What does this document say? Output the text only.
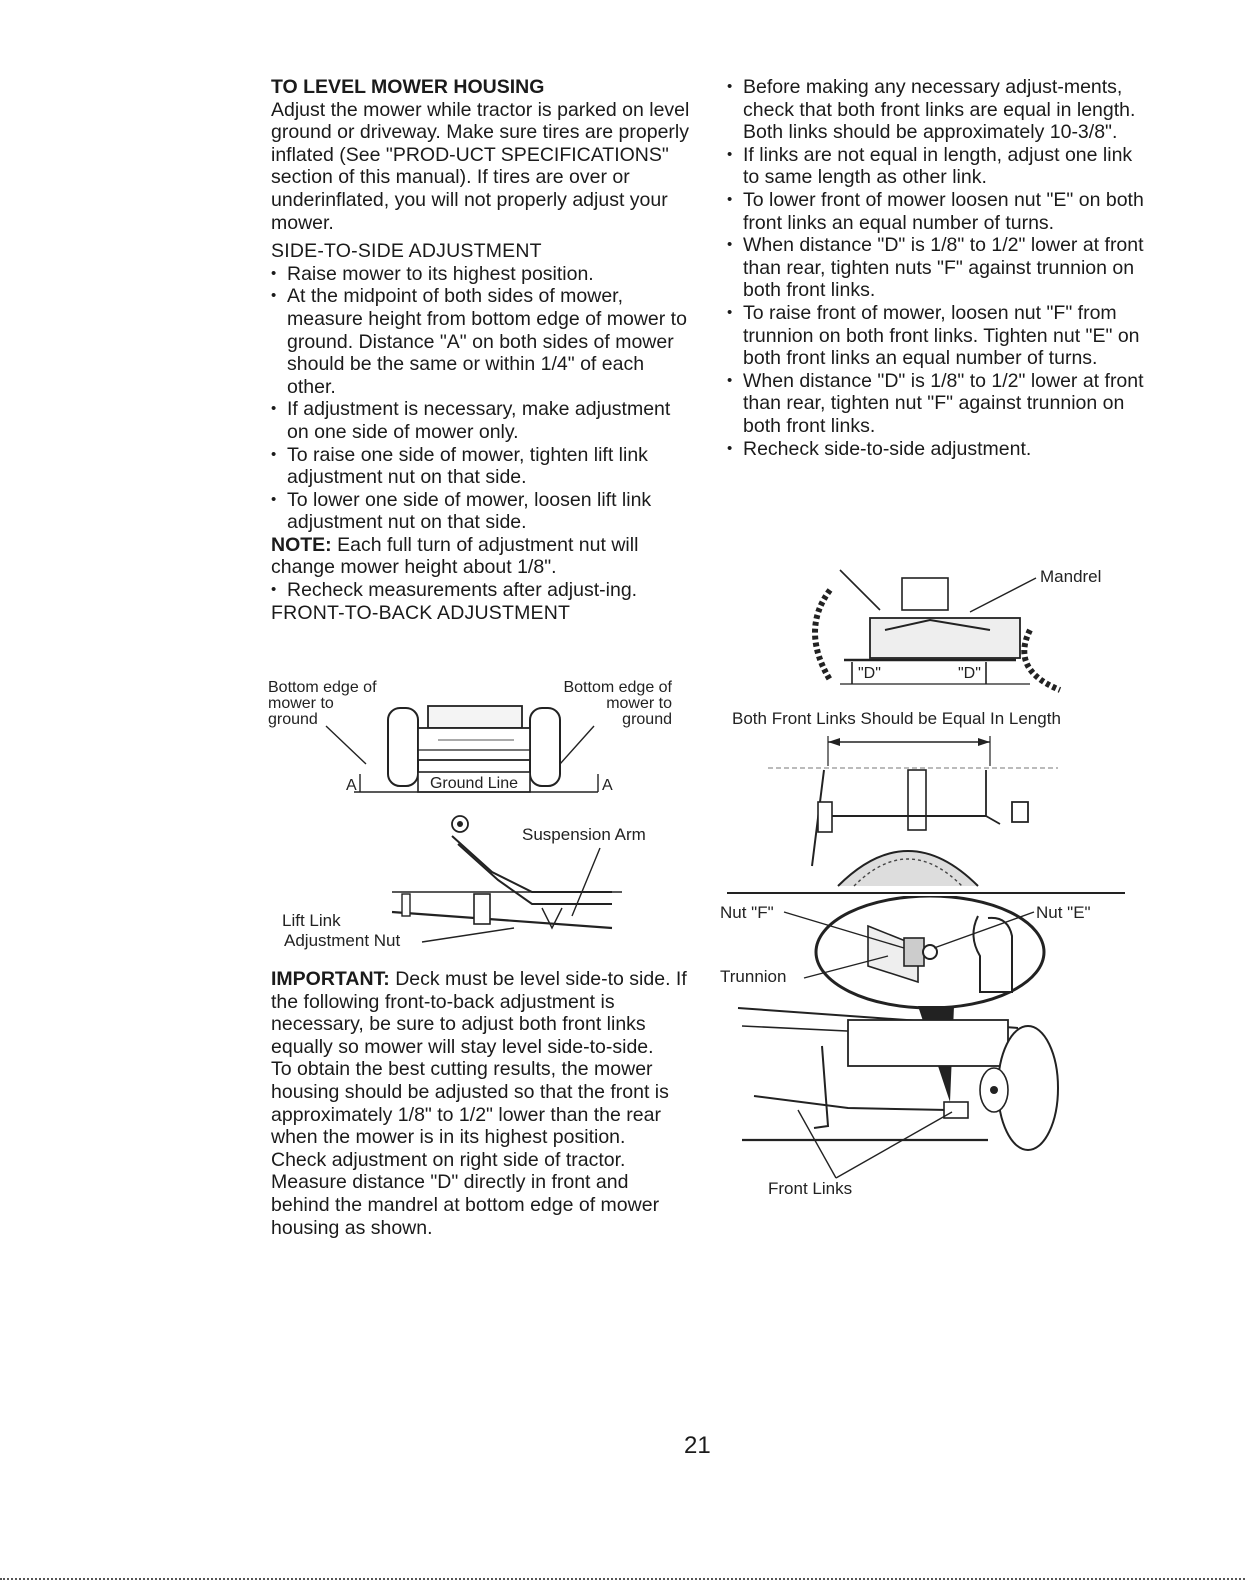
TO LEVEL MOWER HOUSING

Adjust the mower while tractor is parked on level ground or driveway. Make sure tires are properly inflated (See "PROD-UCT SPECIFICATIONS" section of this manual). If tires are over or underinflated, you will not properly adjust your mower.

SIDE-TO-SIDE ADJUSTMENT
• Raise mower to its highest position.
• At the midpoint of both sides of mower, measure height from bottom edge of mower to ground. Distance "A" on both sides of mower should be the same or within 1/4" of each other.
• If adjustment is necessary, make adjustment on one side of mower only.
• To raise one side of mower, tighten lift link adjustment nut on that side.
• To lower one side of mower, loosen lift link adjustment nut on that side.

NOTE: Each full turn of adjustment nut will change mower height about 1/8".

• Recheck measurements after adjust-ing.
FRONT-TO-BACK ADJUSTMENT
Bottom edge of
mower to
ground
Bottom edge of
mower to
ground
Ground Line
A	A
Suspension Arm
Lift Link
Adjustment Nut

IMPORTANT: Deck must be level side-to side. If the following front-to-back adjustment is necessary, be sure to adjust both front links equally so mower will stay level side-to-side.

To obtain the best cutting results, the mower housing should be adjusted so that the front is approximately 1/8" to 1/2" lower than the rear when the mower is in its highest position.

Check adjustment on right side of tractor. Measure distance "D" directly in front and behind the mandrel at bottom edge of mower housing as shown.

• Before making any necessary adjust-ments, check that both front links are equal in length. Both links should be approximately 10-3/8".
• If links are not equal in length, adjust one link to same length as other link.
• To lower front of mower loosen nut "E" on both front links an equal number of turns.
• When distance "D" is 1/8" to 1/2" lower at front than rear, tighten nuts "F" against trunnion on both front links.
• To raise front of mower, loosen nut "F" from trunnion on both front links. Tighten nut "E" on both front links an equal number of turns.
• When distance "D" is 1/8" to 1/2" lower at front than rear, tighten nut "F" against trunnion on both front links.
• Recheck side-to-side adjustment.
Mandrel
"D"	"D"
Both Front Links Should be Equal In Length
Nut "F"	Nut "E"
Trunnion
Front Links
21
